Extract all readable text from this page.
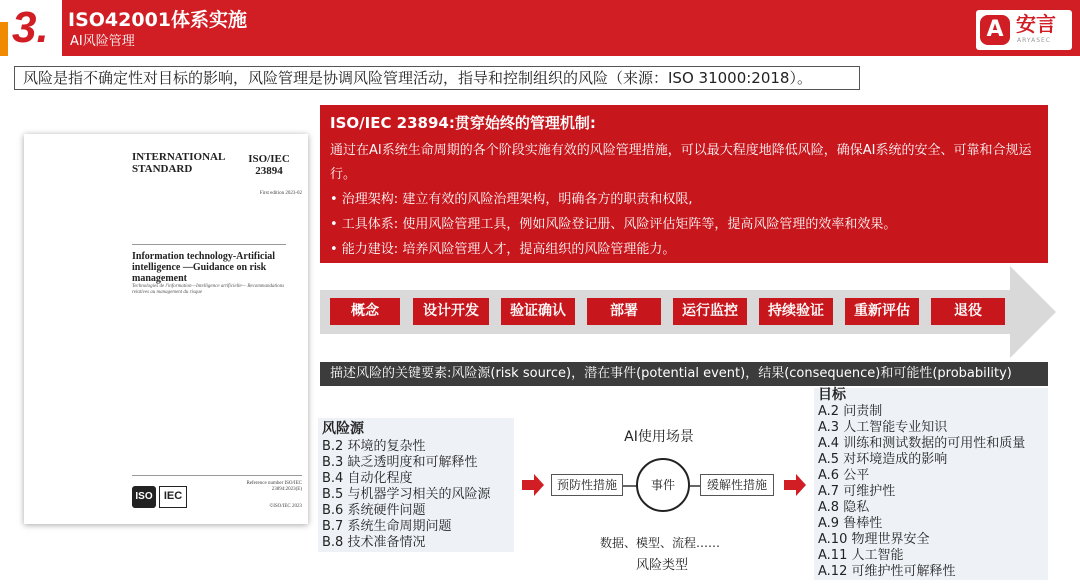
3. ISO42001体系实施
AI风险管理	A 安言
ARYASEC
风险是指不确定性对目标的影响，风险管理是协调风险管理活动，指导和控制组织的风险（来源：ISO 31000:2018）。
INTERNATIONAL STANDARD
ISO/IEC 23894
First edition 2023-02
Information technology-Artificial intelligence —Guidance on risk management
Technologies de l'information—Intelligence artificielle— Recommandations relatives au management du risque
Reference number ISO/IEC 23894:2023(E)
ISO	IEC
©ISO/IEC 2023
ISO/IEC 23894:贯穿始终的管理机制:
通过在AI系统生命周期的各个阶段实施有效的风险管理措施，可以最大程度地降低风险，确保AI系统的安全、可靠和合规运行。
• 治理架构: 建立有效的风险治理架构，明确各方的职责和权限,
• 工具体系: 使用风险管理工具，例如风险登记册、风险评估矩阵等，提高风险管理的效率和效果。
• 能力建设: 培养风险管理人才，提高组织的风险管理能力。
概念	设计开发	验证确认	部署	运行监控	持续验证	重新评估	退役
描述风险的关键要素:风险源(risk source)，潜在事件(potential event)，结果(consequence)和可能性(probability)
风险源
B.2 环境的复杂性
B.3 缺乏透明度和可解释性
B.4 自动化程度
B.5 与机器学习相关的风险源
B.6 系统硬件问题
B.7 系统生命周期问题
B.8 技术准备情况
AI使用场景
预防性措施	事件	缓解性措施
数据、模型、流程……
风险类型
目标
A.2 问责制
A.3 人工智能专业知识
A.4 训练和测试数据的可用性和质量
A.5 对环境造成的影响
A.6 公平
A.7 可维护性
A.8 隐私
A.9 鲁棒性
A.10 物理世界安全
A.11 人工智能
A.12 可维护性可解释性
